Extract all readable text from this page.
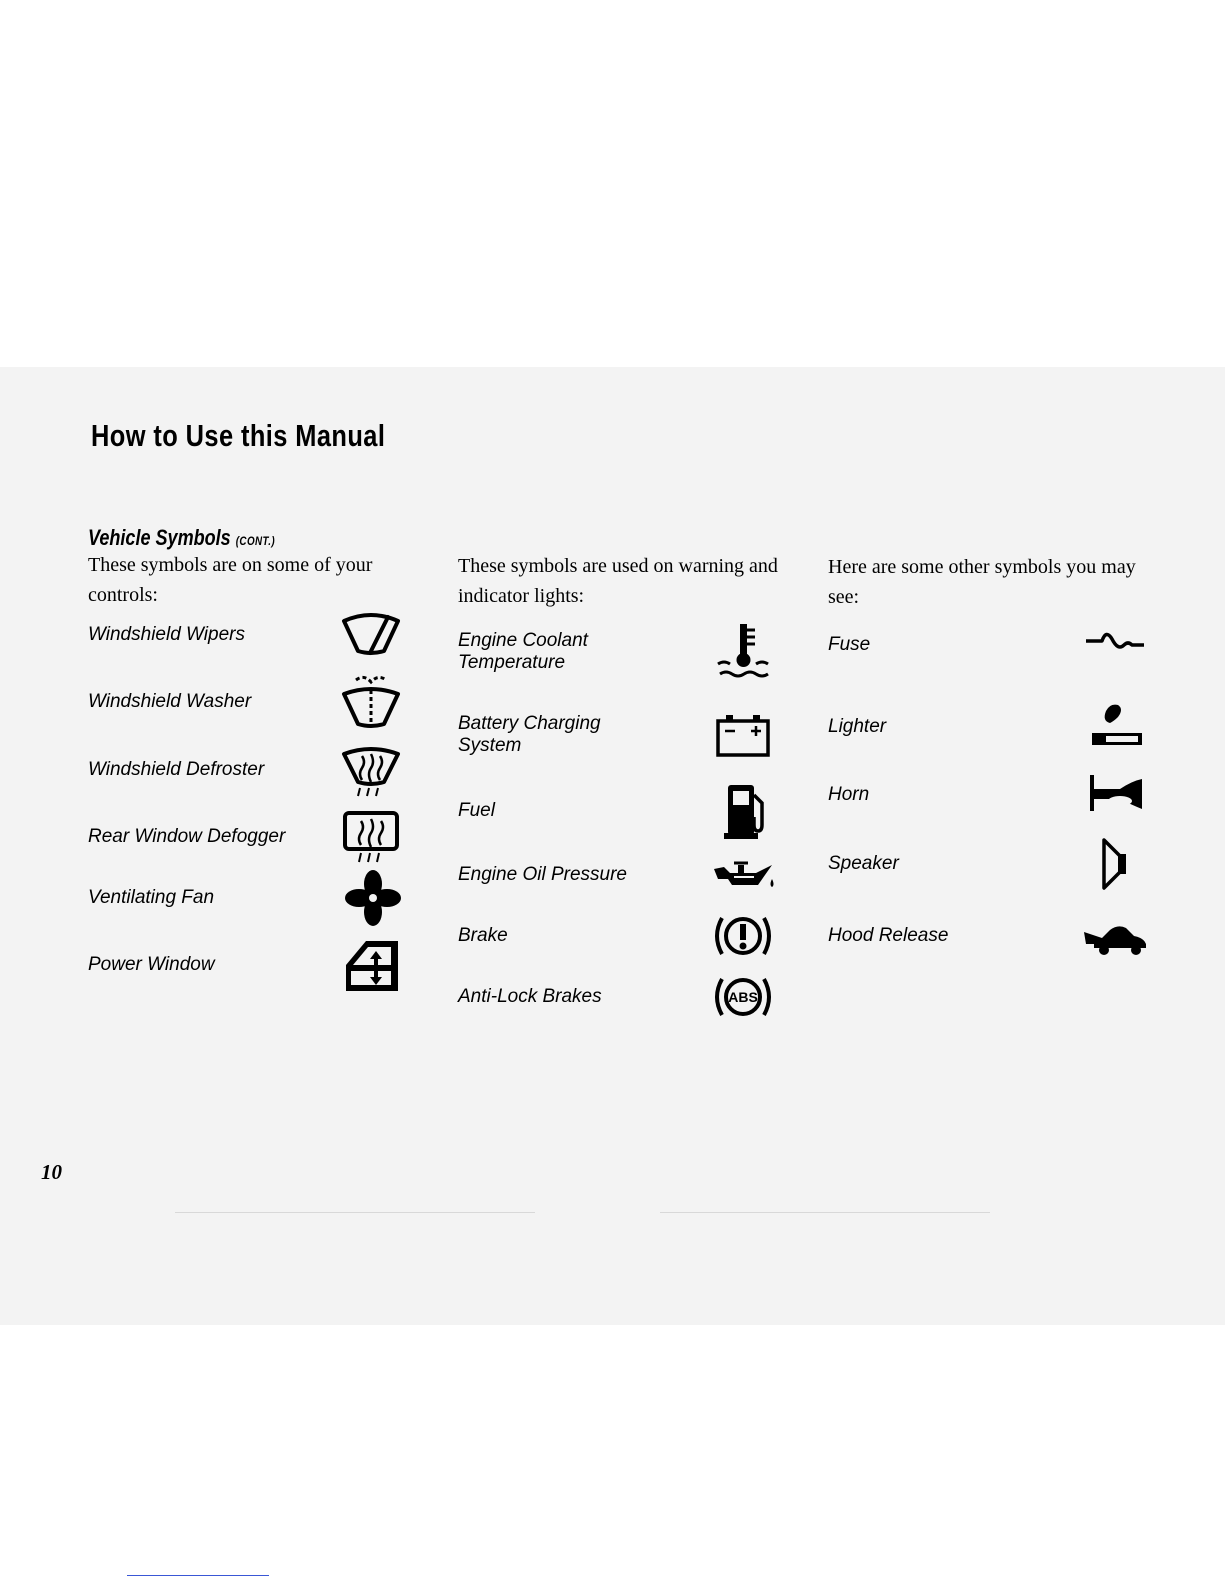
How to Use this Manual
Vehicle Symbols (CONT.)

These symbols are on some of your controls:

Windshield Wipers
Windshield Washer
Windshield Defroster
Rear Window Defogger
Ventilating Fan
Power Window

These symbols are used on warning and indicator lights:

Engine Coolant Temperature
Battery Charging System
Fuel
Engine Oil Pressure
Brake
Anti-Lock Brakes	ABS

Here are some other symbols you may see:

Fuse
Lighter
Horn
Speaker
Hood Release

10
